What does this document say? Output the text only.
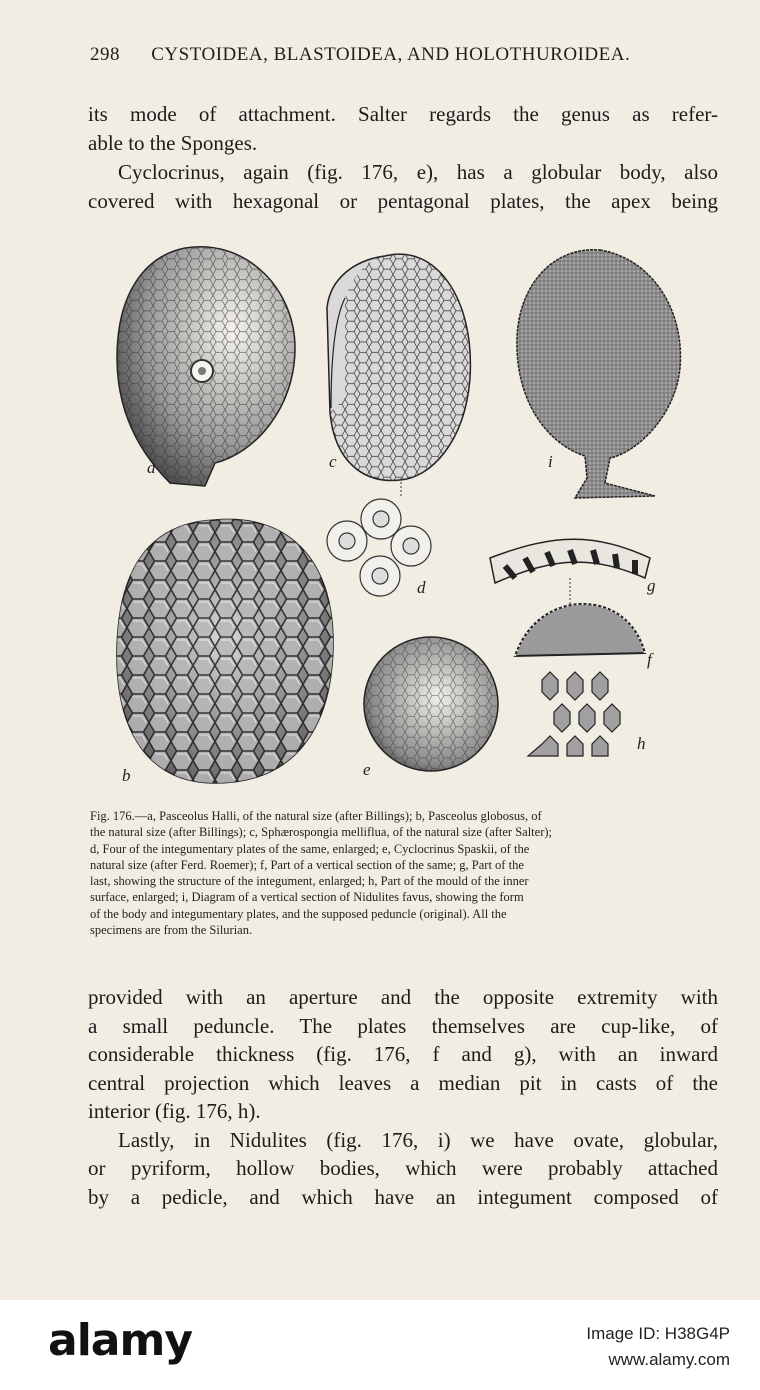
298 CYSTOIDEA, BLASTOIDEA, AND HOLOTHUROIDEA.
its mode of attachment. Salter regards the genus as refer-
able to the Sponges.
Cyclocrinus, again (fig. 176, e), has a globular body, also
covered with hexagonal or pentagonal plates, the apex being
a
b
c
d
e
f
g
h
i
Fig. 176.—a, Pasceolus Halli, of the natural size (after Billings); b, Pasceolus globosus, of
the natural size (after Billings); c, Sphærospongia melliflua, of the natural size (after Salter);
d, Four of the integumentary plates of the same, enlarged; e, Cyclocrinus Spaskii, of the
natural size (after Ferd. Roemer); f, Part of a vertical section of the same; g, Part of the
last, showing the structure of the integument, enlarged; h, Part of the mould of the inner
surface, enlarged; i, Diagram of a vertical section of Nidulites favus, showing the form
of the body and integumentary plates, and the supposed peduncle (original). All the
specimens are from the Silurian.
provided with an aperture and the opposite extremity with
a small peduncle. The plates themselves are cup-like, of
considerable thickness (fig. 176, f and g), with an inward
central projection which leaves a median pit in casts of the
interior (fig. 176, h).
Lastly, in Nidulites (fig. 176, i) we have ovate, globular,
or pyriform, hollow bodies, which were probably attached
by a pedicle, and which have an integument composed of
alamy	Image ID: H38G4P
www.alamy.com
